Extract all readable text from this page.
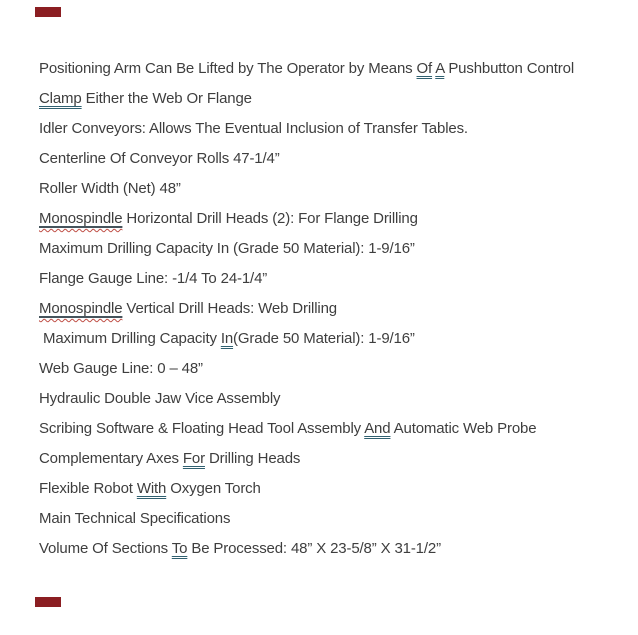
Positioning Arm Can Be Lifted by The Operator by Means Of A Pushbutton Control
Clamp Either the Web Or Flange
Idler Conveyors: Allows The Eventual Inclusion of Transfer Tables.
Centerline Of Conveyor Rolls 47-1/4”
Roller Width (Net) 48”
Monospindle Horizontal Drill Heads (2): For Flange Drilling
Maximum Drilling Capacity In (Grade 50 Material): 1-9/16”
Flange Gauge Line: -1/4 To 24-1/4”
Monospindle Vertical Drill Heads: Web Drilling
Maximum Drilling Capacity In(Grade 50 Material): 1-9/16”
Web Gauge Line: 0 – 48”
Hydraulic Double Jaw Vice Assembly
Scribing Software & Floating Head Tool Assembly And Automatic Web Probe
Complementary Axes For Drilling Heads
Flexible Robot With Oxygen Torch
Main Technical Specifications
Volume Of Sections To Be Processed: 48” X 23-5/8” X 31-1/2”
